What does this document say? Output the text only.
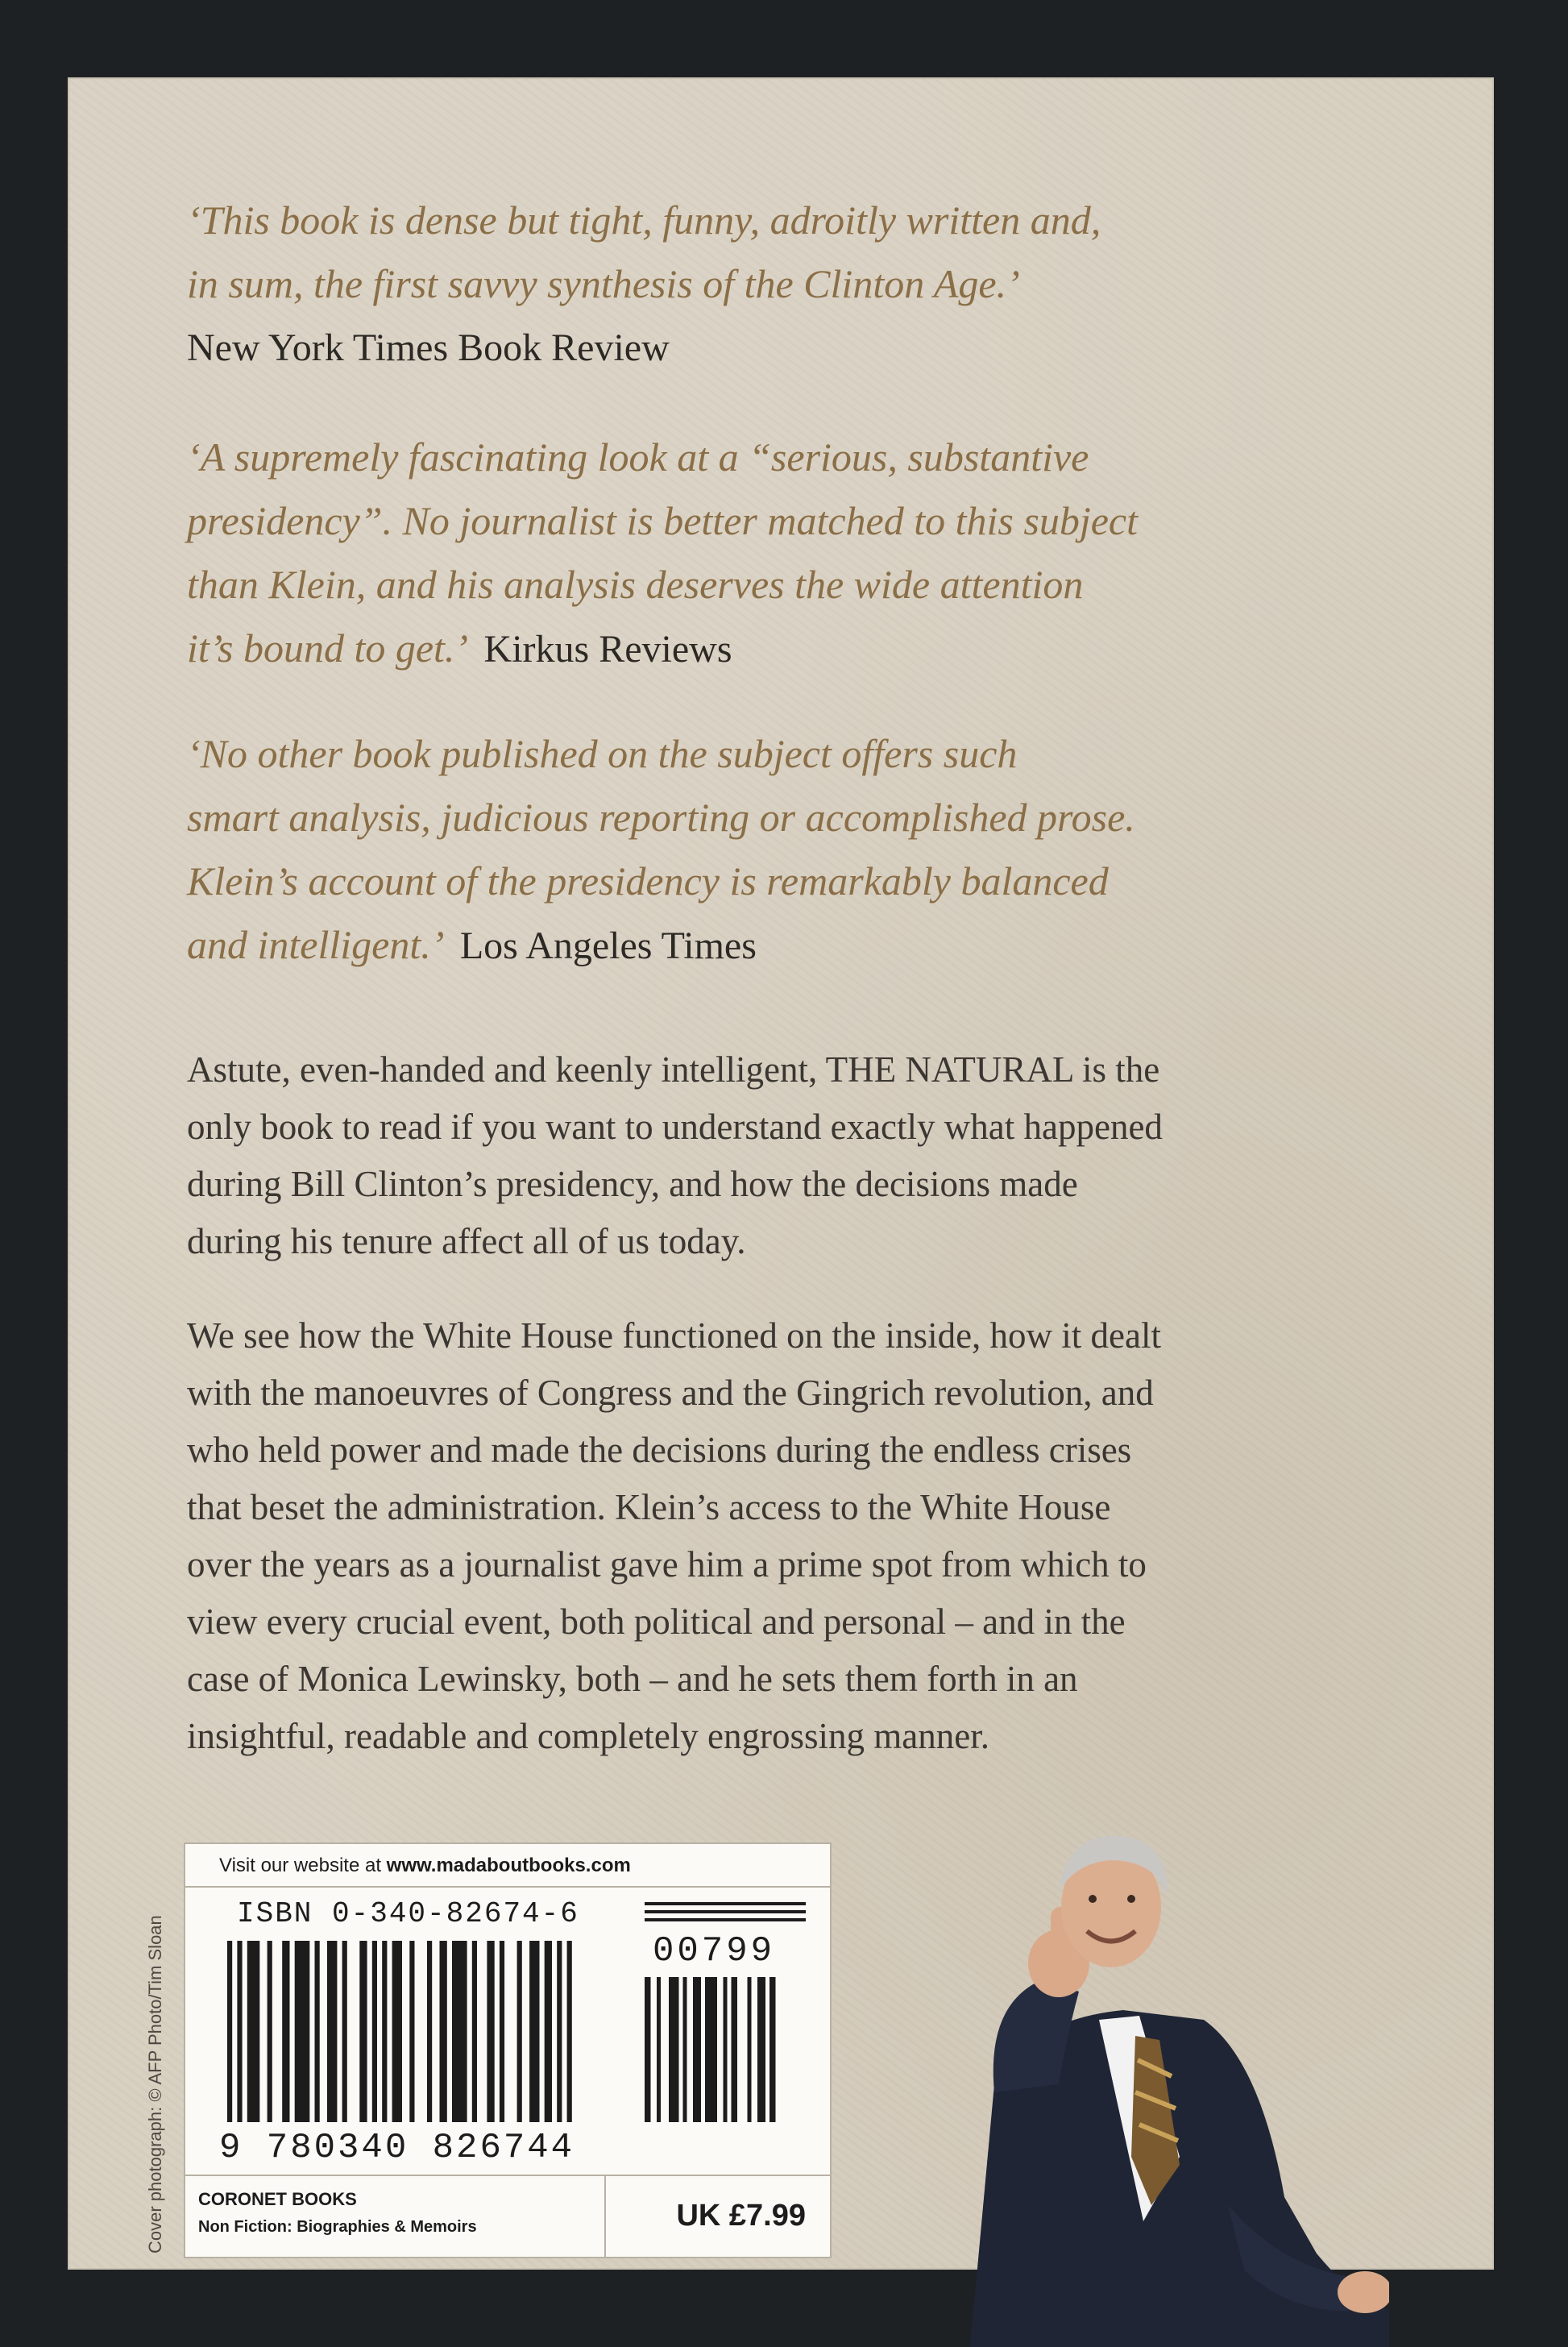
‘This book is dense but tight, funny, adroitly written and,

in sum, the first savvy synthesis of the Clinton Age.’

New York Times Book Review

‘A supremely fascinating look at a “serious, substantive

presidency”. No journalist is better matched to this subject

than Klein, and his analysis deserves the wide attention

it’s bound to get.’ Kirkus Reviews

‘No other book published on the subject offers such

smart analysis, judicious reporting or accomplished prose.

Klein’s account of the presidency is remarkably balanced

and intelligent.’ Los Angeles Times

Astute, even-handed and keenly intelligent, THE NATURAL is the

only book to read if you want to understand exactly what happened

during Bill Clinton’s presidency, and how the decisions made

during his tenure affect all of us today.

We see how the White House functioned on the inside, how it dealt

with the manoeuvres of Congress and the Gingrich revolution, and

who held power and made the decisions during the endless crises

that beset the administration. Klein’s access to the White House

over the years as a journalist gave him a prime spot from which to

view every crucial event, both political and personal – and in the

case of Monica Lewinsky, both – and he sets them forth in an

insightful, readable and completely engrossing manner.

Cover photograph: © AFP Photo/Tim Sloan
Visit our website at www.madaboutbooks.com
ISBN 0-340-82674-6
9 780340 826744
00799
CORONET BOOKS
Non Fiction: Biographies & Memoirs	UK £7.99
